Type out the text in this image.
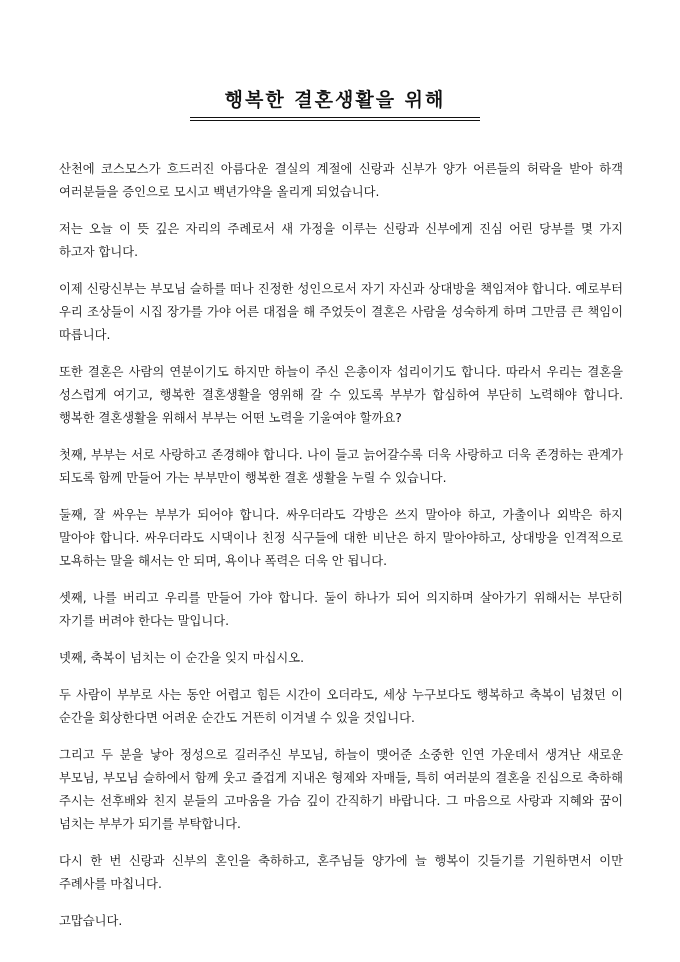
행복한 결혼생활을 위해

산천에 코스모스가 흐드러진 아름다운 결실의 계절에 신랑과 신부가 양가 어른들의 허락을 받아 하객 여러분들을 증인으로 모시고 백년가약을 올리게 되었습니다.

저는 오늘 이 뜻 깊은 자리의 주례로서 새 가정을 이루는 신랑과 신부에게 진심 어린 당부를 몇 가지 하고자 합니다.

이제 신랑신부는 부모님 슬하를 떠나 진정한 성인으로서 자기 자신과 상대방을 책임져야 합니다. 예로부터 우리 조상들이 시집 장가를 가야 어른 대접을 해 주었듯이 결혼은 사람을 성숙하게 하며 그만큼 큰 책임이 따릅니다.

또한 결혼은 사람의 연분이기도 하지만 하늘이 주신 은총이자 섭리이기도 합니다. 따라서 우리는 결혼을 성스럽게 여기고, 행복한 결혼생활을 영위해 갈 수 있도록 부부가 합심하여 부단히 노력해야 합니다. 행복한 결혼생활을 위해서 부부는 어떤 노력을 기울여야 할까요?

첫째, 부부는 서로 사랑하고 존경해야 합니다. 나이 들고 늙어갈수록 더욱 사랑하고 더욱 존경하는 관계가 되도록 함께 만들어 가는 부부만이 행복한 결혼 생활을 누릴 수 있습니다.

둘째, 잘 싸우는 부부가 되어야 합니다. 싸우더라도 각방은 쓰지 말아야 하고, 가출이나 외박은 하지 말아야 합니다. 싸우더라도 시댁이나 친정 식구들에 대한 비난은 하지 말아야하고, 상대방을 인격적으로 모욕하는 말을 해서는 안 되며, 욕이나 폭력은 더욱 안 됩니다.

셋째, 나를 버리고 우리를 만들어 가야 합니다. 둘이 하나가 되어 의지하며 살아가기 위해서는 부단히 자기를 버려야 한다는 말입니다.

넷째, 축복이 넘치는 이 순간을 잊지 마십시오.

두 사람이 부부로 사는 동안 어렵고 힘든 시간이 오더라도, 세상 누구보다도 행복하고 축복이 넘쳤던 이 순간을 회상한다면 어려운 순간도 거뜬히 이겨낼 수 있을 것입니다.

그리고 두 분을 낳아 정성으로 길러주신 부모님, 하늘이 맺어준 소중한 인연 가운데서 생겨난 새로운 부모님, 부모님 슬하에서 함께 웃고 즐겁게 지내온 형제와 자매들, 특히 여러분의 결혼을 진심으로 축하해 주시는 선후배와 친지 분들의 고마움을 가슴 깊이 간직하기 바랍니다. 그 마음으로 사랑과 지혜와 꿈이 넘치는 부부가 되기를 부탁합니다.

다시 한 번 신랑과 신부의 혼인을 축하하고, 혼주님들 양가에 늘 행복이 깃들기를 기원하면서 이만 주례사를 마칩니다.

고맙습니다.
